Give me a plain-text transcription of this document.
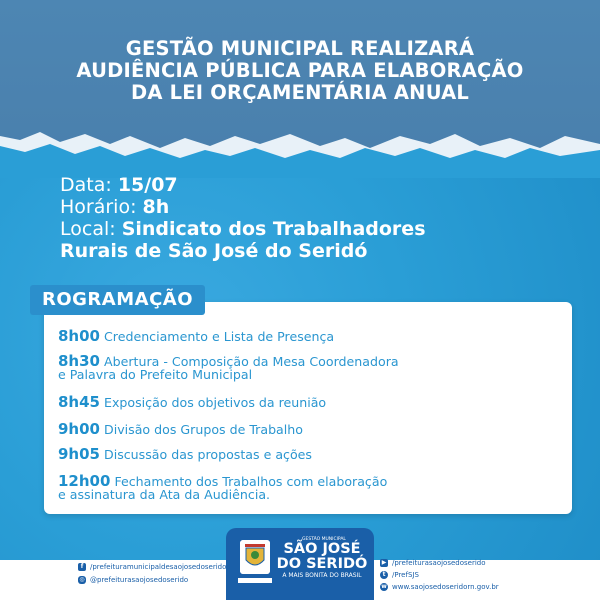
GESTÃO MUNICIPAL REALIZARÁ
AUDIÊNCIA PÚBLICA PARA ELABORAÇÃO
DA LEI ORÇAMENTÁRIA ANUAL
Data: 15/07
Horário: 8h
Local: Sindicato dos Trabalhadores
Rurais de São José do Seridó
ROGRAMAÇÃO
8h00 Credenciamento e Lista de Presença
8h30 Abertura - Composição da Mesa Coordenadora
e Palavra do Prefeito Municipal
8h45 Exposição dos objetivos da reunião
9h00 Divisão dos Grupos de Trabalho
9h05 Discussão das propostas e ações
12h00 Fechamento dos Trabalhos com elaboração
e assinatura da Ata da Audiência.
f /prefeituramunicipaldesaojosedoserido
◎ @prefeiturasaojosedoserido
▶ /prefeiturasaojosedoserido
t /PrefSJS
w www.saojosedoseridorn.gov.br
GESTÃO MUNICIPAL
SÃO JOSÉ
DO SERIDÓ
A MAIS BONITA DO BRASIL
